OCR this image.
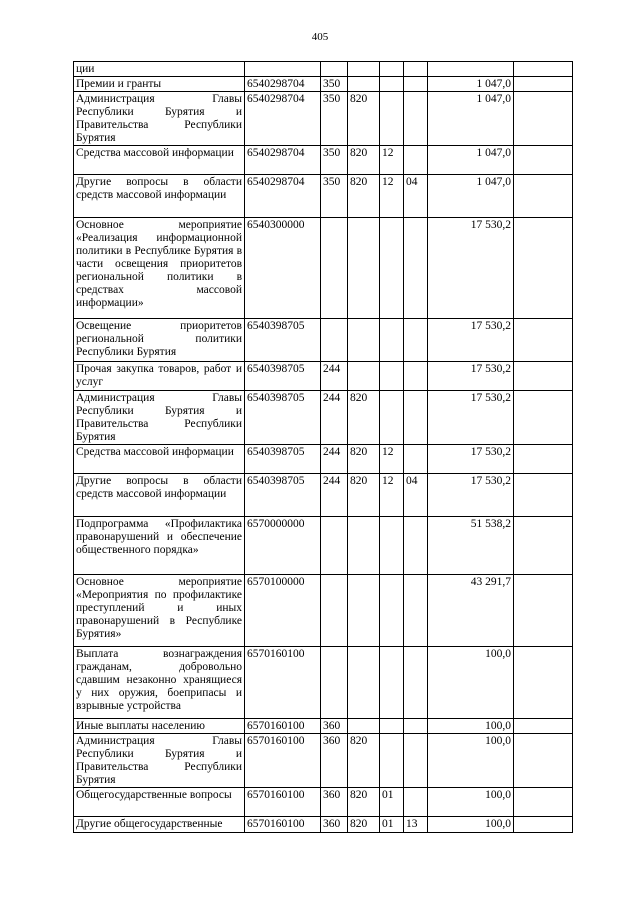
405
ции							
Премии и гранты	6540298704	350				1 047,0	
Администрация Главы Республики Бурятия и Правительства Республики Бурятия	6540298704	350	820			1 047,0	
Средства массовой информации	6540298704	350	820	12		1 047,0	
Другие вопросы в области средств массовой информации	6540298704	350	820	12	04	1 047,0	
Основное мероприятие «Реализация информационной политики в Республике Бурятия в части освещения приоритетов региональной политики в средствах массовой информации»	6540300000					17 530,2	
Освещение приоритетов региональной политики Республики Бурятия	6540398705					17 530,2	
Прочая закупка товаров, работ и услуг	6540398705	244				17 530,2	
Администрация Главы Республики Бурятия и Правительства Республики Бурятия	6540398705	244	820			17 530,2	
Средства массовой информации	6540398705	244	820	12		17 530,2	
Другие вопросы в области средств массовой информации	6540398705	244	820	12	04	17 530,2	
Подпрограмма «Профилактика правонарушений и обеспечение общественного порядка»	6570000000					51 538,2	
Основное мероприятие «Мероприятия по профилактике преступлений и иных правонарушений в Республике Бурятия»	6570100000					43 291,7	
Выплата вознаграждения гражданам, добровольно сдавшим незаконно хранящиеся у них оружия, боеприпасы и взрывные устройства	6570160100					100,0	
Иные выплаты населению	6570160100	360				100,0	
Администрация Главы Республики Бурятия и Правительства Республики Бурятия	6570160100	360	820			100,0	
Общегосударственные вопросы	6570160100	360	820	01		100,0	
Другие общегосударственные	6570160100	360	820	01	13	100,0	
